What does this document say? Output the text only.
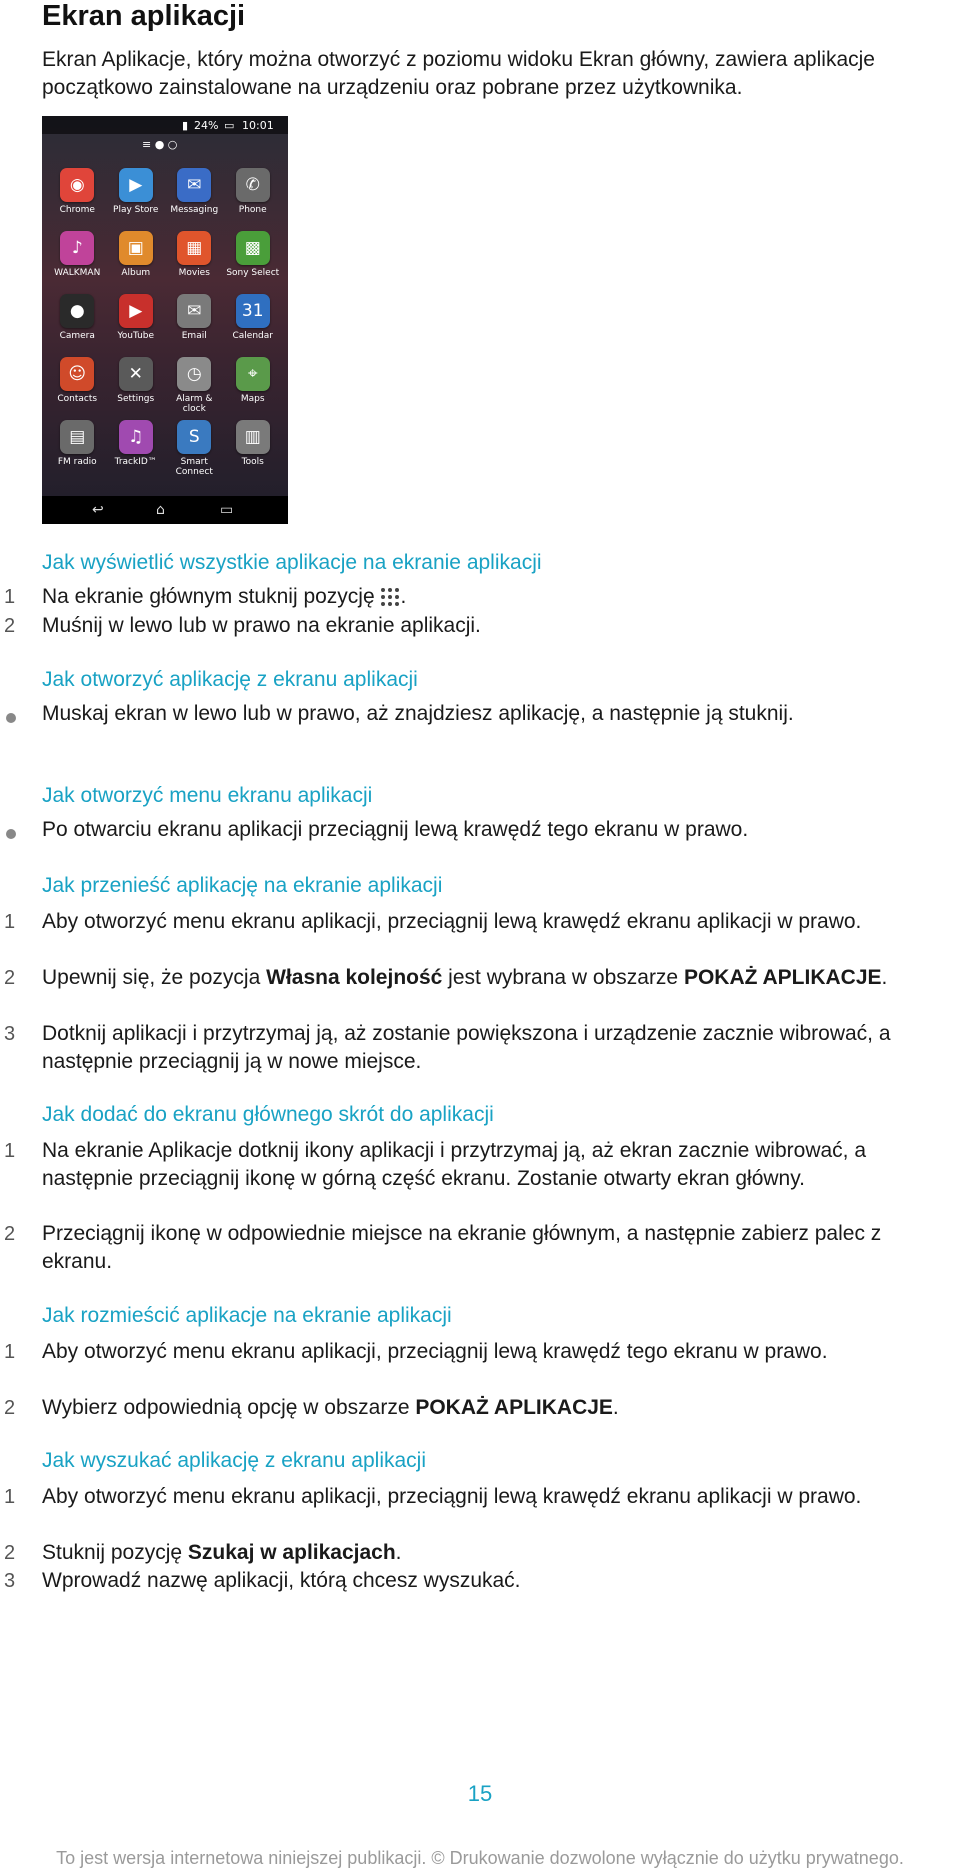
Ekran aplikacji

Ekran Aplikacje, który można otworzyć z poziomu widoku Ekran główny, zawiera aplikacje początkowo zainstalowane na urządzeniu oraz pobrane przez użytkownika.

▮ 24% ▭ 10:01
≡ ● ○
◉
Chrome
▶
Play Store
✉
Messaging
✆
Phone
♪
WALKMAN
▣
Album
▦
Movies
▩
Sony Select
●
Camera
▶
YouTube
✉
Email
31
Calendar
☺
Contacts
✕
Settings
◷
Alarm & clock
⌖
Maps
▤
FM radio
♫
TrackID™
S
Smart Connect
▥
Tools
↩	⌂	▭
Jak wyświetlić wszystkie aplikacje na ekranie aplikacji
1	Na ekranie głównym stuknij pozycję
.

2	Muśnij w lewo lub w prawo na ekranie aplikacji.

Jak otworzyć aplikację z ekranu aplikacji

Muskaj ekran w lewo lub w prawo, aż znajdziesz aplikację, a następnie ją stuknij.

Jak otworzyć menu ekranu aplikacji

Po otwarciu ekranu aplikacji przeciągnij lewą krawędź tego ekranu w prawo.

Jak przenieść aplikację na ekranie aplikacji
1	Aby otworzyć menu ekranu aplikacji, przeciągnij lewą krawędź ekranu aplikacji w prawo.

2	Upewnij się, że pozycja Własna kolejność jest wybrana w obszarze POKAŻ APLIKACJE.

3	Dotknij aplikacji i przytrzymaj ją, aż zostanie powiększona i urządzenie zacznie wibrować, a następnie przeciągnij ją w nowe miejsce.

Jak dodać do ekranu głównego skrót do aplikacji
1	Na ekranie Aplikacje dotknij ikony aplikacji i przytrzymaj ją, aż ekran zacznie wibrować, a następnie przeciągnij ikonę w górną część ekranu. Zostanie otwarty ekran główny.

2	Przeciągnij ikonę w odpowiednie miejsce na ekranie głównym, a następnie zabierz palec z ekranu.

Jak rozmieścić aplikacje na ekranie aplikacji
1	Aby otworzyć menu ekranu aplikacji, przeciągnij lewą krawędź tego ekranu w prawo.

2	Wybierz odpowiednią opcję w obszarze POKAŻ APLIKACJE.

Jak wyszukać aplikację z ekranu aplikacji
1	Aby otworzyć menu ekranu aplikacji, przeciągnij lewą krawędź ekranu aplikacji w prawo.

2	Stuknij pozycję Szukaj w aplikacjach.

3	Wprowadź nazwę aplikacji, którą chcesz wyszukać.

15
To jest wersja internetowa niniejszej publikacji. © Drukowanie dozwolone wyłącznie do użytku prywatnego.
